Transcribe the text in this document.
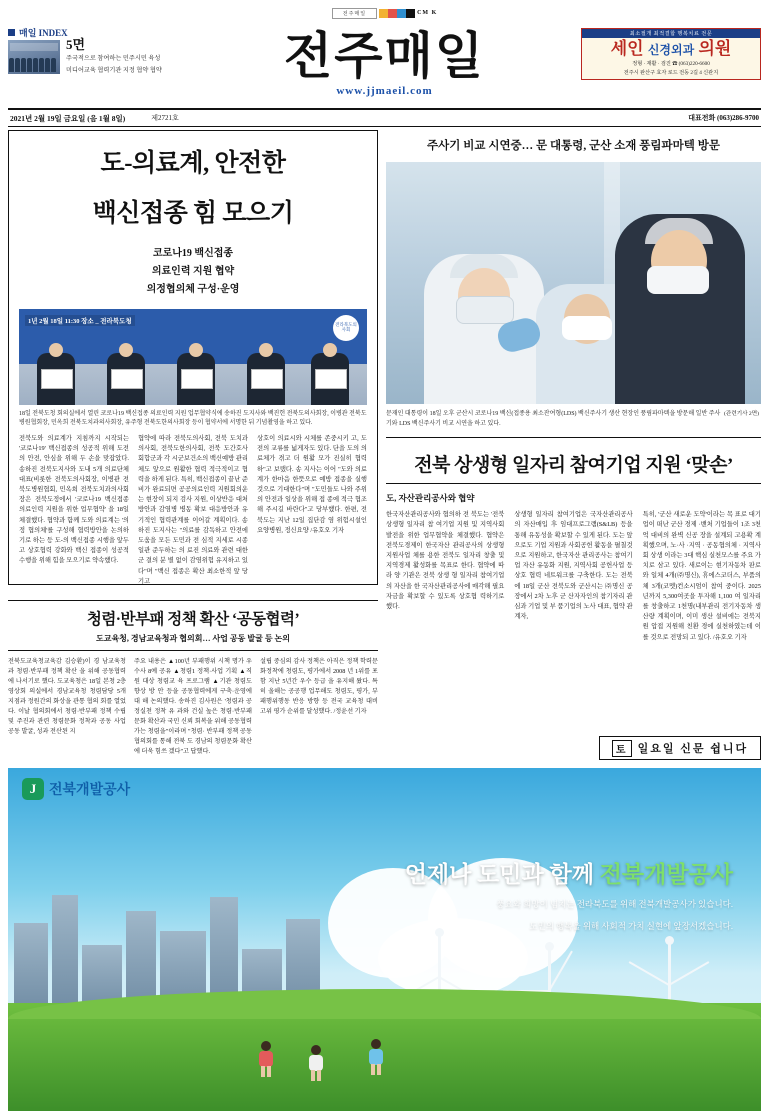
전주매일	CM K
매일 INDEX
5면
주국적으로 참여하는 민주시민 육성
미디어교육 협력기관 지정 협약 협약	전주매일
www.jjmaeil.com
최소절개 최적결합 행복치료 전문
세인 신경외과 의원
정형 · 재활 · 검진 ☎ (063)220-6600
전주시 완산구 효자 로드 전동 2길 4 신관지
2021년 2월 19일 금요일 (음 1월 8일)	제2721호	대표전화 (063)286-9700
도-의료계, 안전한
백신접종 힘 모으기
코로나19 백신접종
의료인력 지원 협약
의정협의체 구성·운영
1년 2월 18일 11:30 장소 _ 전라북도청	전라북도의사회
18일 전북도청 회의실에서 열린 코로나19 백신접종 의료인력 지원 업무협약식에 송하진 도지사와 백진헌 전북도의사회장, 이병관 전북도병원협회장, 민옥희 전북도치과의사회장, 유주형 전북도한의사회장 등이 협약서에 서명한 뒤 기념촬영을 하고 있다.
전북도와 의료계가 지침까지 시작되는 '코로나19' 백신접종의 성공적 위해 도전의 안전, 안심을 위해 두 손을 맞잡았다. 송하진 전북도지사와 도내 5개 의료단체 대표(비롯한 전북도의사회장, 이병관 전북도병원협회, 민옥희 전북도치과의사회장은 전북도정에서 '코로나19 백신접종 의료인력 지원을 위한 업무협약' 을 18일 체결했다. 협약과 함께 도와 의료계는 '의정 협의체'를 구성해 협력방안을 논의하기로 하는 등 도-의 백신접종 시행을 앞두고 상호협력 강화와 백신 접종이 성공적 수행을 위해 힘을 모으기로 약속했다.
협약에 따라 전북도의사회, 전북 도치과의사회, 전북도한의사회, 전북 도간호사회합군과 각 시군보건소의 백신예방 관리체도 앞으로 원활한 협력 적극적이고 협력을 하게 된다. 특히, 백신접종이 끝난 준비가 완료되면 공공의료인력 지원회의운는 현장이 되지 검사 지원, 이상반응 대처방안과 감염병 병동 확보 대응방안과 유기적인 협력관계를 이어갈 계획이다. 송하진 도지사는 "의료를 감독하고 안전에 도움을 모든 도민과 전 심적 지세로 시종일관 준두하는 의 료진 의료와 관련 대한군 결의 분 별 없이 감염위험 유지하고 있다"며 "백신 접종은 확산 최소한적 앞 당기고
상호이 의료시와 시체를 존중시키 고, 도전의 교류를 넓게자도 있다. 단을 도의 의료체가 겪고 더 원활 모가 진실히 협력하"고 보탰다. 송 지사는 이어 "도와 의료계가 한마음 한뜻으로 예방 접종을 실행 것으로 기대한다"며 "도민들도 나와 주위의 안전과 일상을 위해 접 종에 적극 협조해 주시길 바란다"고 당부했다. 한편, 전북도는 지난 12일 집단감 염 위험시설인 요양병원, 정신요양 /유호오 기자
주사기 비교 시연중… 문 대통령, 군산 소재 풍림파마텍 방문
(관련기사 2면)
문재인 대통령이 18일 오후 군산시 코로나19 백신(접종용 최소잔여형(LDS) 백신주사기 생산 현장인 풍림파마텍을 방문해 일반 주사기와 LDS 백신주사기 비교 시연을 하고 있다.
전북 상생형 일자리 참여기업 지원 ‘맞손’
도, 자산관리공사와 협약
한국자산관리공사와 협의하 전 북도는 '전북 상생형 일자리 참 여기업 지원 및 지역사회 발전을 위한 업무협약을 체결했다. 협약은 전북도경제이 한국자산 관리공사의 상생형 지원사업 체를 용한 전북도 일자리 창출 및 지역경제 활성화를 목표로 한다. 협약에 따라 양 기관은 전북 상생 형 일자리 참여기업의 자산을 한 국자산관리공사에 매각해 필요 자금을 확보할 수 있도록 상호협 력하기로 했다.
상생형 일자리 참여기업은 국자산관리공사의 자산매입 후 임대프로그램(S&LB) 등을 통해 유동성을 확보할 수 있게 된다. 도는 앞으로도 기업 지원과 사회공헌 활동을 펼칠것으로 지원하고, 한국자산 관리공사는 참여기업 자산 유동화 지원, 지역사회 공헌사업 등 상호 협력 네트워크를 구축한다. 도는 전북에 18일 군산 전북도와 군산시는 ㈜명신 공장에서 2차 노후 군 산자자인의 참기자리 관심과 기업 및 부 품기업의 노사 대표, 협약 관계자,
특히, '군산 새로운 도약'이라는 목 표로 대기업이 떠난 군산 경제 ·밴처 기업들이 1조 3천억 대비의 완벽 신공 장을 설계되 고용확 계획했으며, 노·사 ·지역 · 공동협의체 · 지역사회 상생 이라는 3대 핵심 실천모스를 주요 가 치로 삼고 있다. 새로이는 현기자동차 판로와 일체 4개(㈜명신), 휴에스코더스, 부품의 체 3개(코멧)컨소시엄이 참여 중이다. 2025년까지 5,300여곳을 투자해 1,100 여 일자리를 창출하고 1천명(내부관리 전기자동차 생산량 계획이며, 이미 생산 설비에는 전북지원 압접 지원해 친환 경에 실천하였는데 이를 것으로 전망되 고 있다. /유호오 기자
청렴·반부패 정책 확산 ‘공동협력’
도교육청, 경남교육청과 협의회… 사업 공동 발굴 등 논의
전북도교육청교육감 김승환)이 경 남교육청과 청렴·반부패 정책 확산 을 위해 공동협력에 나서기로 했다. 도교육청은 18일 본청 2층 영상회 의실에서 경남교육청 청렴담당 5개 지점과 정원간의 화상을 관통 협의 회를 열었다. 이날 협의회에서 청렴·반부패 정책 수립 및 주진과 관련 청렴문화 정착과 공동 사업 공동 발굴, 성과 전산된 지
주요 내용은 ▲100년 부패행위 시책 명가 우수사 8예 공유 ▲청렴1 정책·사업 기획 ▲직원 대상 청렴교 육 프로그램 ▲기관 청렴도 향상 방 안 등을 공동협력에게 구축·운영에 대 해 논의했다. 송하진 김사원은 '청렴과 공정실천 정착 유 과와 건실 높은 청렴·반부패 문화 확산과 국민 신뢰 회복을 위해 공동협력 가는 청렴을"이라며 "청렴· 반부패 정책 공동협의회를 통해 전북 도 경남의 청렴문화 확산에 더욱 힘쓰 겠다"고 답했다.
설립 중심의 감사 정책은 아직은 정책 학력문화정착에 청렴도, 평가에서 2008 년 1위를 포함 지난 5년간 우수 등급 을 유지해 왔다. 특히 올해는 공공행 업무해도 청렴도, 평가, 부패행위행동 반응 방향 등 전국 교육청 대비 고위 평가 순위를 달성했다. /정윤선 기자
토 일요일 신문 쉽니다
J 전북개발공사
언제나 도민과 함께 전북개발공사
풍요와 희망이 넘치는 전라북도를 위해 전북개발공사가 있습니다.
도민의 행복을 위해 사회적 가치 실현에 앞장서겠습니다.
